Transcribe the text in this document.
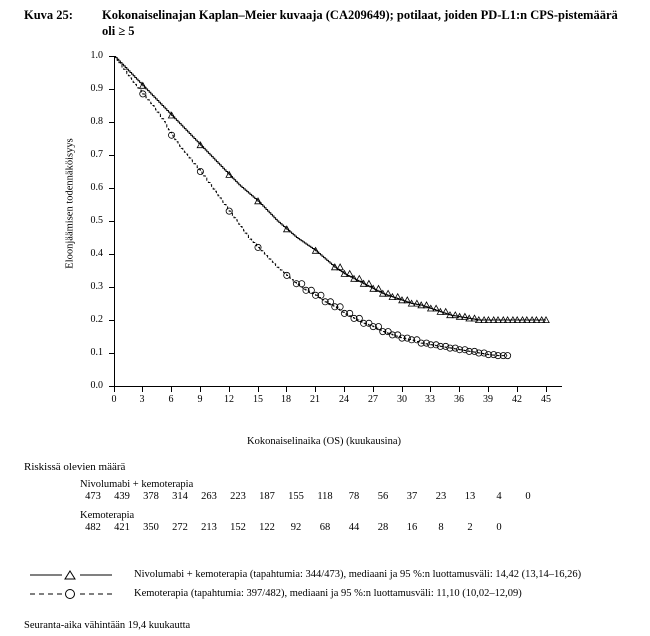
Kuva 25:	Kokonaiselinajan Kaplan–Meier kuvaaja (CA209649); potilaat, joiden PD-L1:n CPS-pistemäärä oli ≥ 5
Eloonjäämisen todennäköisyys
Kokonaiselinaika (OS) (kuukausina)
1.0
0.9
0.8
0.7
0.6
0.5
0.4
0.3
0.2
0.1
0.0
0	3	6	9	12	15	18	21	24	27	30	33	36	39	42	45
Riskissä olevien määrä
Nivolumabi + kemoterapia
473	439	378	314	263	223	187	155	118	78	56	37	23	13	4	0
Kemoterapia
482	421	350	272	213	152	122	92	68	44	28	16	8	2	0
Nivolumabi + kemoterapia (tapahtumia: 344/473), mediaani ja 95 %:n luottamusväli: 14,42 (13,14–16,26)
Kemoterapia (tapahtumia: 397/482), mediaani ja 95 %:n luottamusväli: 11,10 (10,02–12,09)
Seuranta-aika vähintään 19,4 kuukautta
